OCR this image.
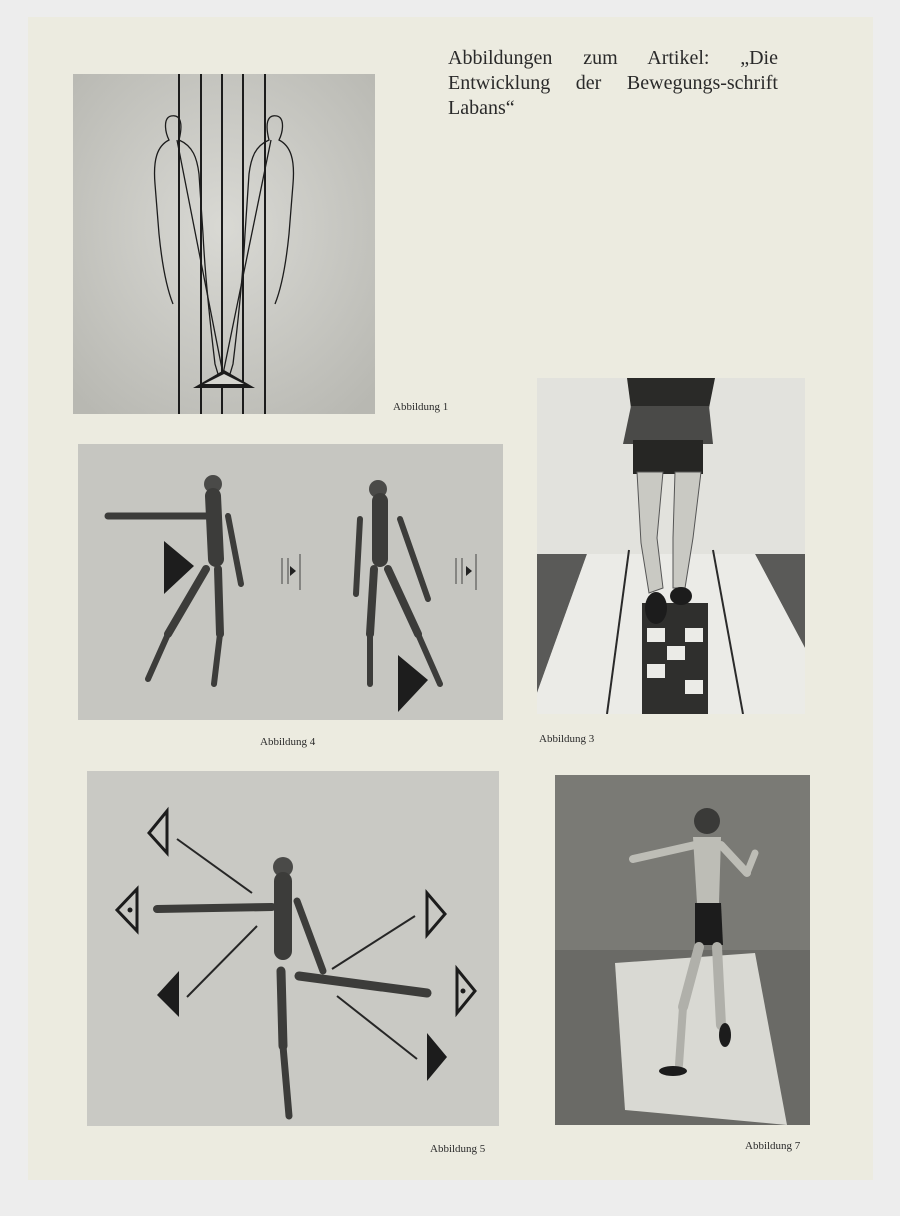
Abbildungen zum Artikel: „Die Entwicklung der Bewegungs-schrift Labans“
Abbildung 1
Abbildung 4	Abbildung 3
Abbildung 5	Abbildung 7
